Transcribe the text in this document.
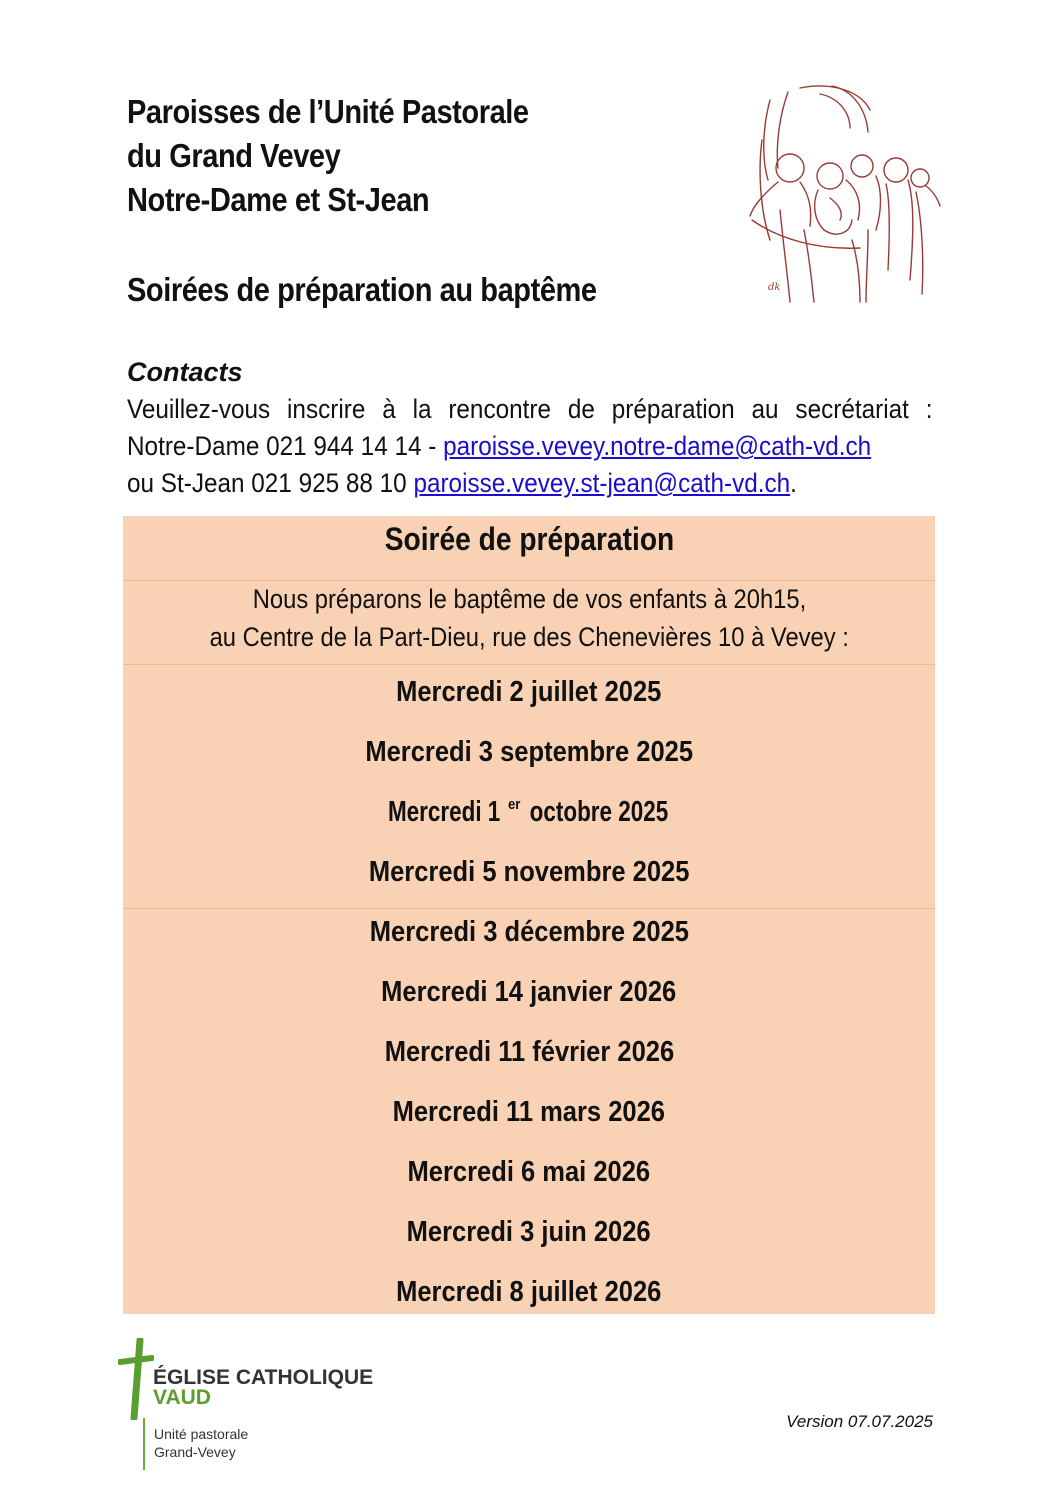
Paroisses de l’Unité Pastorale
du Grand Vevey
Notre-Dame et St-Jean
dk
Soirées de préparation au baptême
Contacts
Veuillez-vous inscrire à la rencontre de préparation au secrétariat :
Notre-Dame 021 944 14 14 - paroisse.vevey.notre-dame@cath-vd.ch
ou St-Jean 021 925 88 10 paroisse.vevey.st-jean@cath-vd.ch.
Soirée de préparation
Nous préparons le baptême de vos enfants à 20h15,
au Centre de la Part-Dieu, rue des Chenevières 10 à Vevey :
Mercredi 2 juillet 2025
Mercredi 3 septembre 2025
Mercredi 1 $^{er}$octobre 2025
Mercredi 5 novembre 2025
Mercredi 3 décembre 2025
Mercredi 14 janvier 2026
Mercredi 11 février 2026
Mercredi 11 mars 2026
Mercredi 6 mai 2026
Mercredi 3 juin 2026
Mercredi 8 juillet 2026
ÉGLISE CATHOLIQUE
VAUD
Unité pastorale
Grand-Vevey
Version 07.07.2025
